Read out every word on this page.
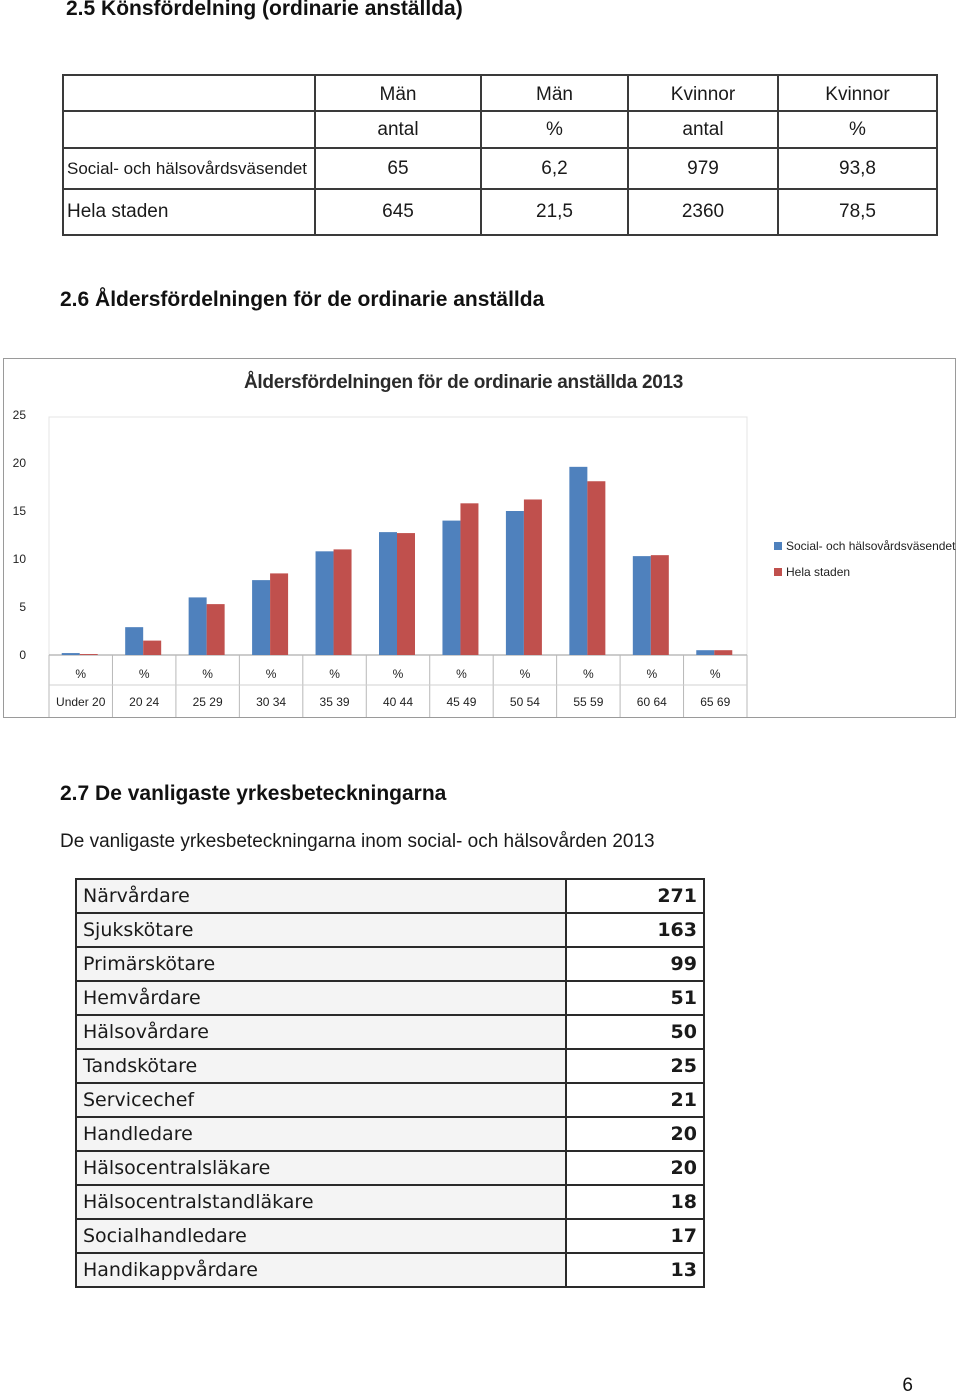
2.5 Könsfördelning (ordinarie anställda)
	Män	Män	Kvinnor	Kvinnor
	antal	%	antal	%
Social- och hälsovårdsväsendet	65	6,2	979	93,8
Hela staden	645	21,5	2360	78,5
2.6 Åldersfördelningen för de ordinarie anställda
0
5
10
15
20
25
%
Under 20
%
20 24
%
25 29
%
30 34
%
35 39
%
40 44
%
45 49
%
50 54
%
55 59
%
60 64
%
65 69
Åldersfördelningen för de ordinarie anställda 2013
Social- och hälsovårdsväsendet
Hela staden
2.7 De vanligaste yrkesbeteckningarna

De vanligaste yrkesbeteckningarna inom social- och hälsovården 2013

Närvårdare	271
Sjukskötare	163
Primärskötare	99
Hemvårdare	51
Hälsovårdare	50
Tandskötare	25
Servicechef	21
Handledare	20
Hälsocentralsläkare	20
Hälsocentralstandläkare	18
Socialhandledare	17
Handikappvårdare	13

6
